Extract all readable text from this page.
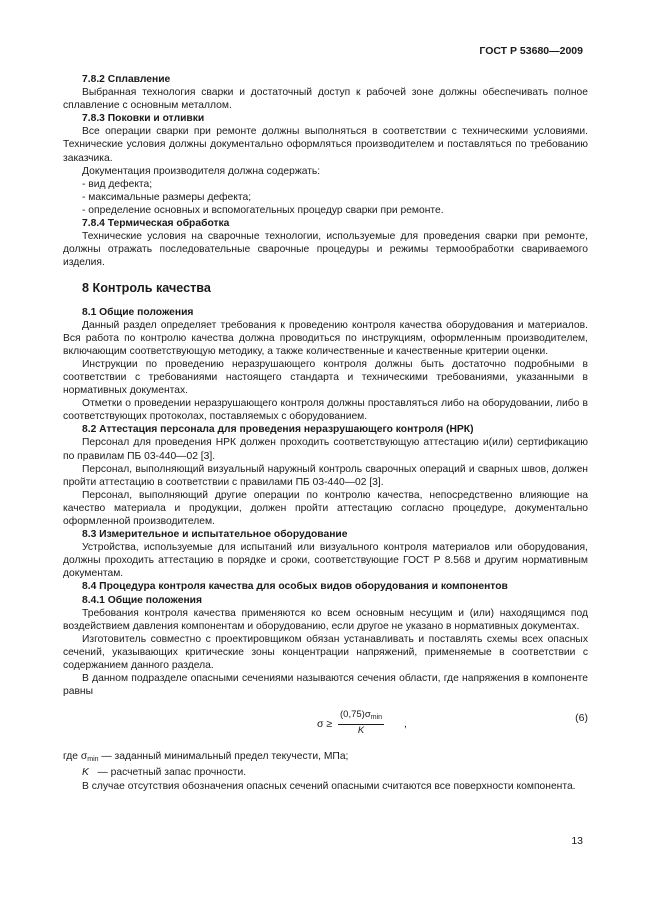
ГОСТ Р 53680—2009

7.8.2 Сплавление

Выбранная технология сварки и достаточный доступ к рабочей зоне должны обеспечивать полное сплавление с основным металлом.

7.8.3 Поковки и отливки

Все операции сварки при ремонте должны выполняться в соответствии с техническими условиями. Технические условия должны документально оформляться производителем и поставляться по требованию заказчика.

Документация производителя должна содержать:

- вид дефекта;

- максимальные размеры дефекта;

- определение основных и вспомогательных процедур сварки при ремонте.

7.8.4 Термическая обработка

Технические условия на сварочные технологии, используемые для проведения сварки при ремонте, должны отражать последовательные сварочные процедуры и режимы термообработки свариваемого изделия.

8 Контроль качества

8.1 Общие положения

Данный раздел определяет требования к проведению контроля качества оборудования и материалов. Вся работа по контролю качества должна проводиться по инструкциям, оформленным производителем, включающим соответствующую методику, а также количественные и качественные критерии оценки.

Инструкции по проведению неразрушающего контроля должны быть достаточно подробными в соответствии с требованиями настоящего стандарта и техническими требованиями, указанными в нормативных документах.

Отметки о проведении неразрушающего контроля должны проставляться либо на оборудовании, либо в соответствующих протоколах, поставляемых с оборудованием.

8.2 Аттестация персонала для проведения неразрушающего контроля (НРК)

Персонал для проведения НРК должен проходить соответствующую аттестацию и(или) сертификацию по правилам ПБ 03-440—02 [3].

Персонал, выполняющий визуальный наружный контроль сварочных операций и сварных швов, должен пройти аттестацию в соответствии с правилами ПБ 03-440—02 [3].

Персонал, выполняющий другие операции по контролю качества, непосредственно влияющие на качество материала и продукции, должен пройти аттестацию согласно процедуре, документально оформленной производителем.

8.3 Измерительное и испытательное оборудование

Устройства, используемые для испытаний или визуального контроля материалов или оборудования, должны проходить аттестацию в порядке и сроки, соответствующие ГОСТ Р 8.568 и другим нормативным документам.

8.4 Процедура контроля качества для особых видов оборудования и компонентов

8.4.1 Общие положения

Требования контроля качества применяются ко всем основным несущим и (или) находящимся под воздействием давления компонентам и оборудованию, если другое не указано в нормативных документах.

Изготовитель совместно с проектировщиком обязан устанавливать и поставлять схемы всех опасных сечений, указывающих критические зоны концентрации напряжений, применяемые в соответствии с содержанием данного раздела.

В данном подразделе опасными сечениями называются сечения области, где напряжения в компоненте равны

σ ≥
$(0,75)\sigma_{min}$
K
,	(6)

где $\sigma_{min}$ — заданный минимальный предел текучести, МПа;

K   — расчетный запас прочности.

В случае отсутствия обозначения опасных сечений опасными считаются все поверхности компонента.

13
